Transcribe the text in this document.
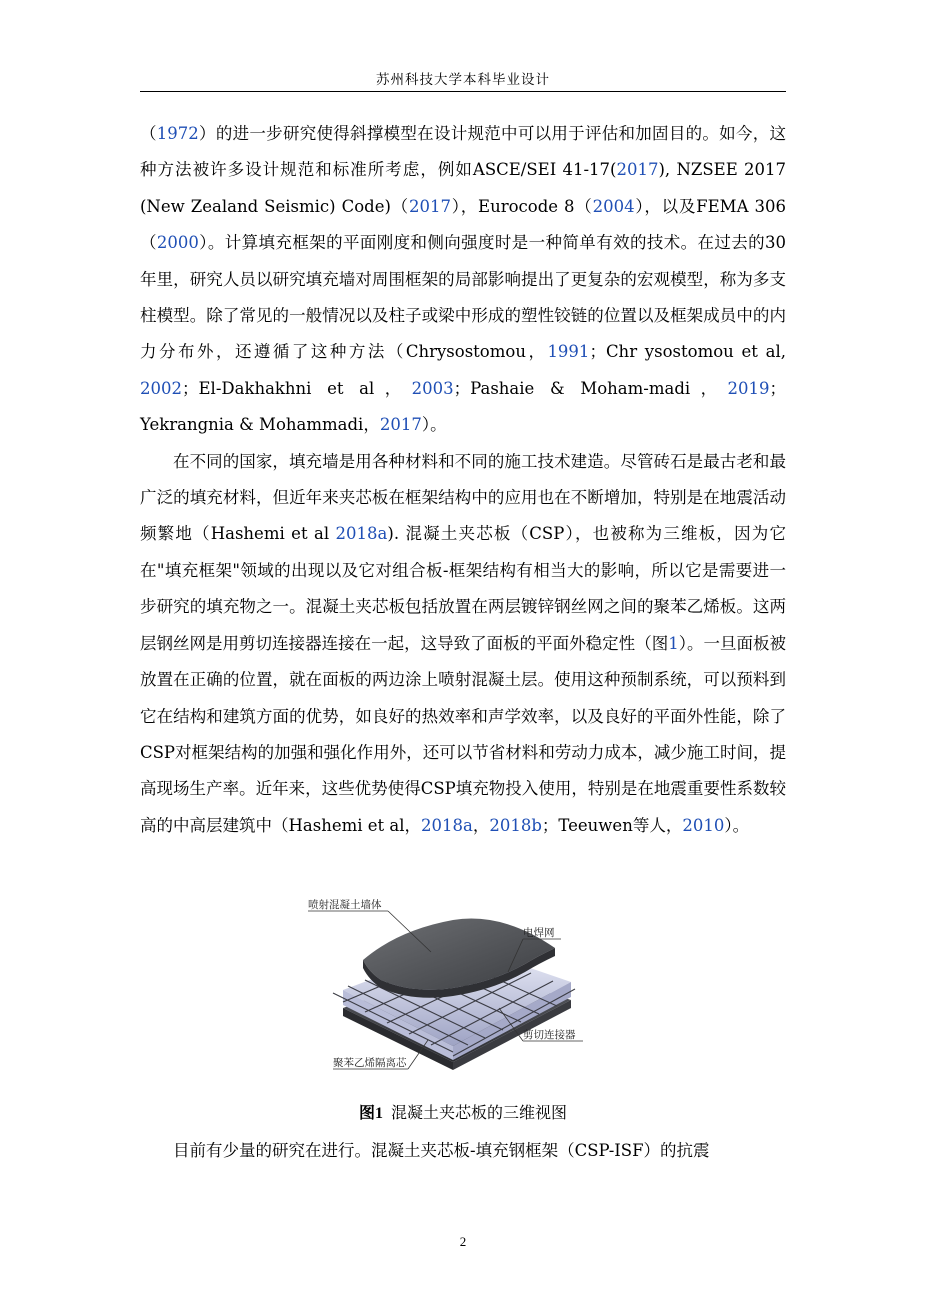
苏州科技大学本科毕业设计

（1972）的进一步研究使得斜撑模型在设计规范中可以用于评估和加固目的。如今，这种方法被许多设计规范和标准所考虑，例如ASCE/SEI 41-17(2017), NZSEE 2017 (New Zealand Seismic) Code)（2017），Eurocode 8（2004），以及FEMA 306（2000）。计算填充框架的平面刚度和侧向强度时是一种简单有效的技术。在过去的30年里，研究人员以研究填充墙对周围框架的局部影响提出了更复杂的宏观模型，称为多支柱模型。除了常见的一般情况以及柱子或梁中形成的塑性铰链的位置以及框架成员中的内力分布外，还遵循了这种方法（Chrysostomou，1991；Chr ysostomou et al, 2002；El-Dakhakhni et al，2003；Pashaie & Moham-madi，2019；Yekrangnia & Mohammadi，2017）。

在不同的国家，填充墙是用各种材料和不同的施工技术建造。尽管砖石是最古老和最广泛的填充材料，但近年来夹芯板在框架结构中的应用也在不断增加，特别是在地震活动频繁地（Hashemi et al 2018a). 混凝土夹芯板（CSP），也被称为三维板，因为它在"填充框架"领域的出现以及它对组合板-框架结构有相当大的影响，所以它是需要进一步研究的填充物之一。混凝土夹芯板包括放置在两层镀锌钢丝网之间的聚苯乙烯板。这两层钢丝网是用剪切连接器连接在一起，这导致了面板的平面外稳定性（图1）。一旦面板被放置在正确的位置，就在面板的两边涂上喷射混凝土层。使用这种预制系统，可以预料到它在结构和建筑方面的优势，如良好的热效率和声学效率，以及良好的平面外性能，除了CSP对框架结构的加强和强化作用外，还可以节省材料和劳动力成本，减少施工时间，提高现场生产率。近年来，这些优势使得CSP填充物投入使用，特别是在地震重要性系数较高的中高层建筑中（Hashemi et al，2018a，2018b；Teeuwen等人，2010）。

喷射混凝土墙体
电焊网
剪切连接器
聚苯乙烯隔离芯
图1 混凝土夹芯板的三维视图
目前有少量的研究在进行。混凝土夹芯板-填充钢框架（CSP-ISF）的抗震
2
